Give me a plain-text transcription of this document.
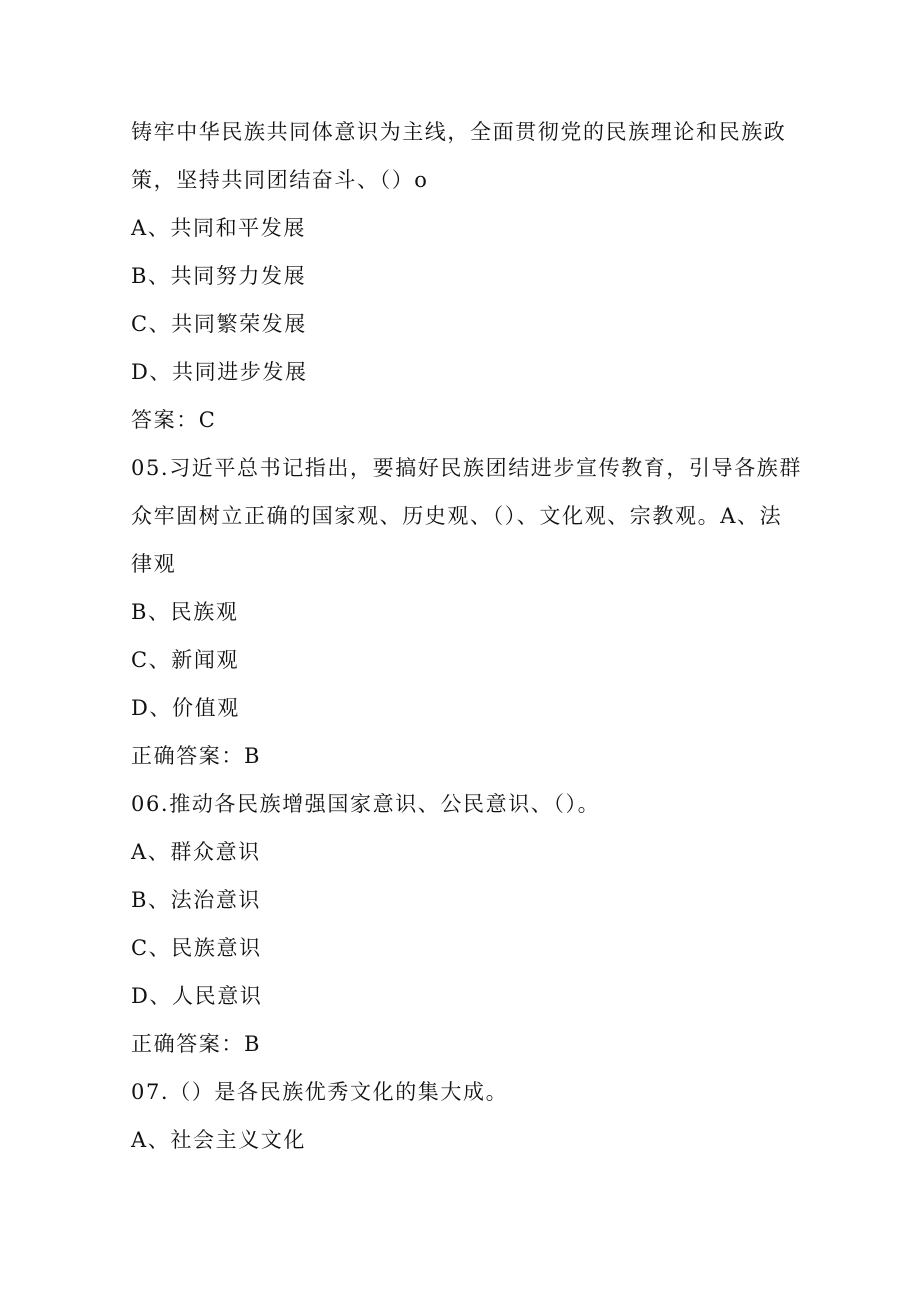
铸牢中华民族共同体意识为主线，全面贯彻党的民族理论和民族政

策，坚持共同团结奋斗、（）o

A、共同和平发展

B、共同努力发展

C、共同繁荣发展

D、共同进步发展

答案：C

05.习近平总书记指出，要搞好民族团结进步宣传教育，引导各族群

众牢固树立正确的国家观、历史观、（）、文化观、宗教观。A、法

律观

B、民族观

C、新闻观

D、价值观

正确答案：B

06.推动各民族增强国家意识、公民意识、（）。

A、群众意识

B、法治意识

C、民族意识

D、人民意识

正确答案：B

07.（）是各民族优秀文化的集大成。

A、社会主义文化
